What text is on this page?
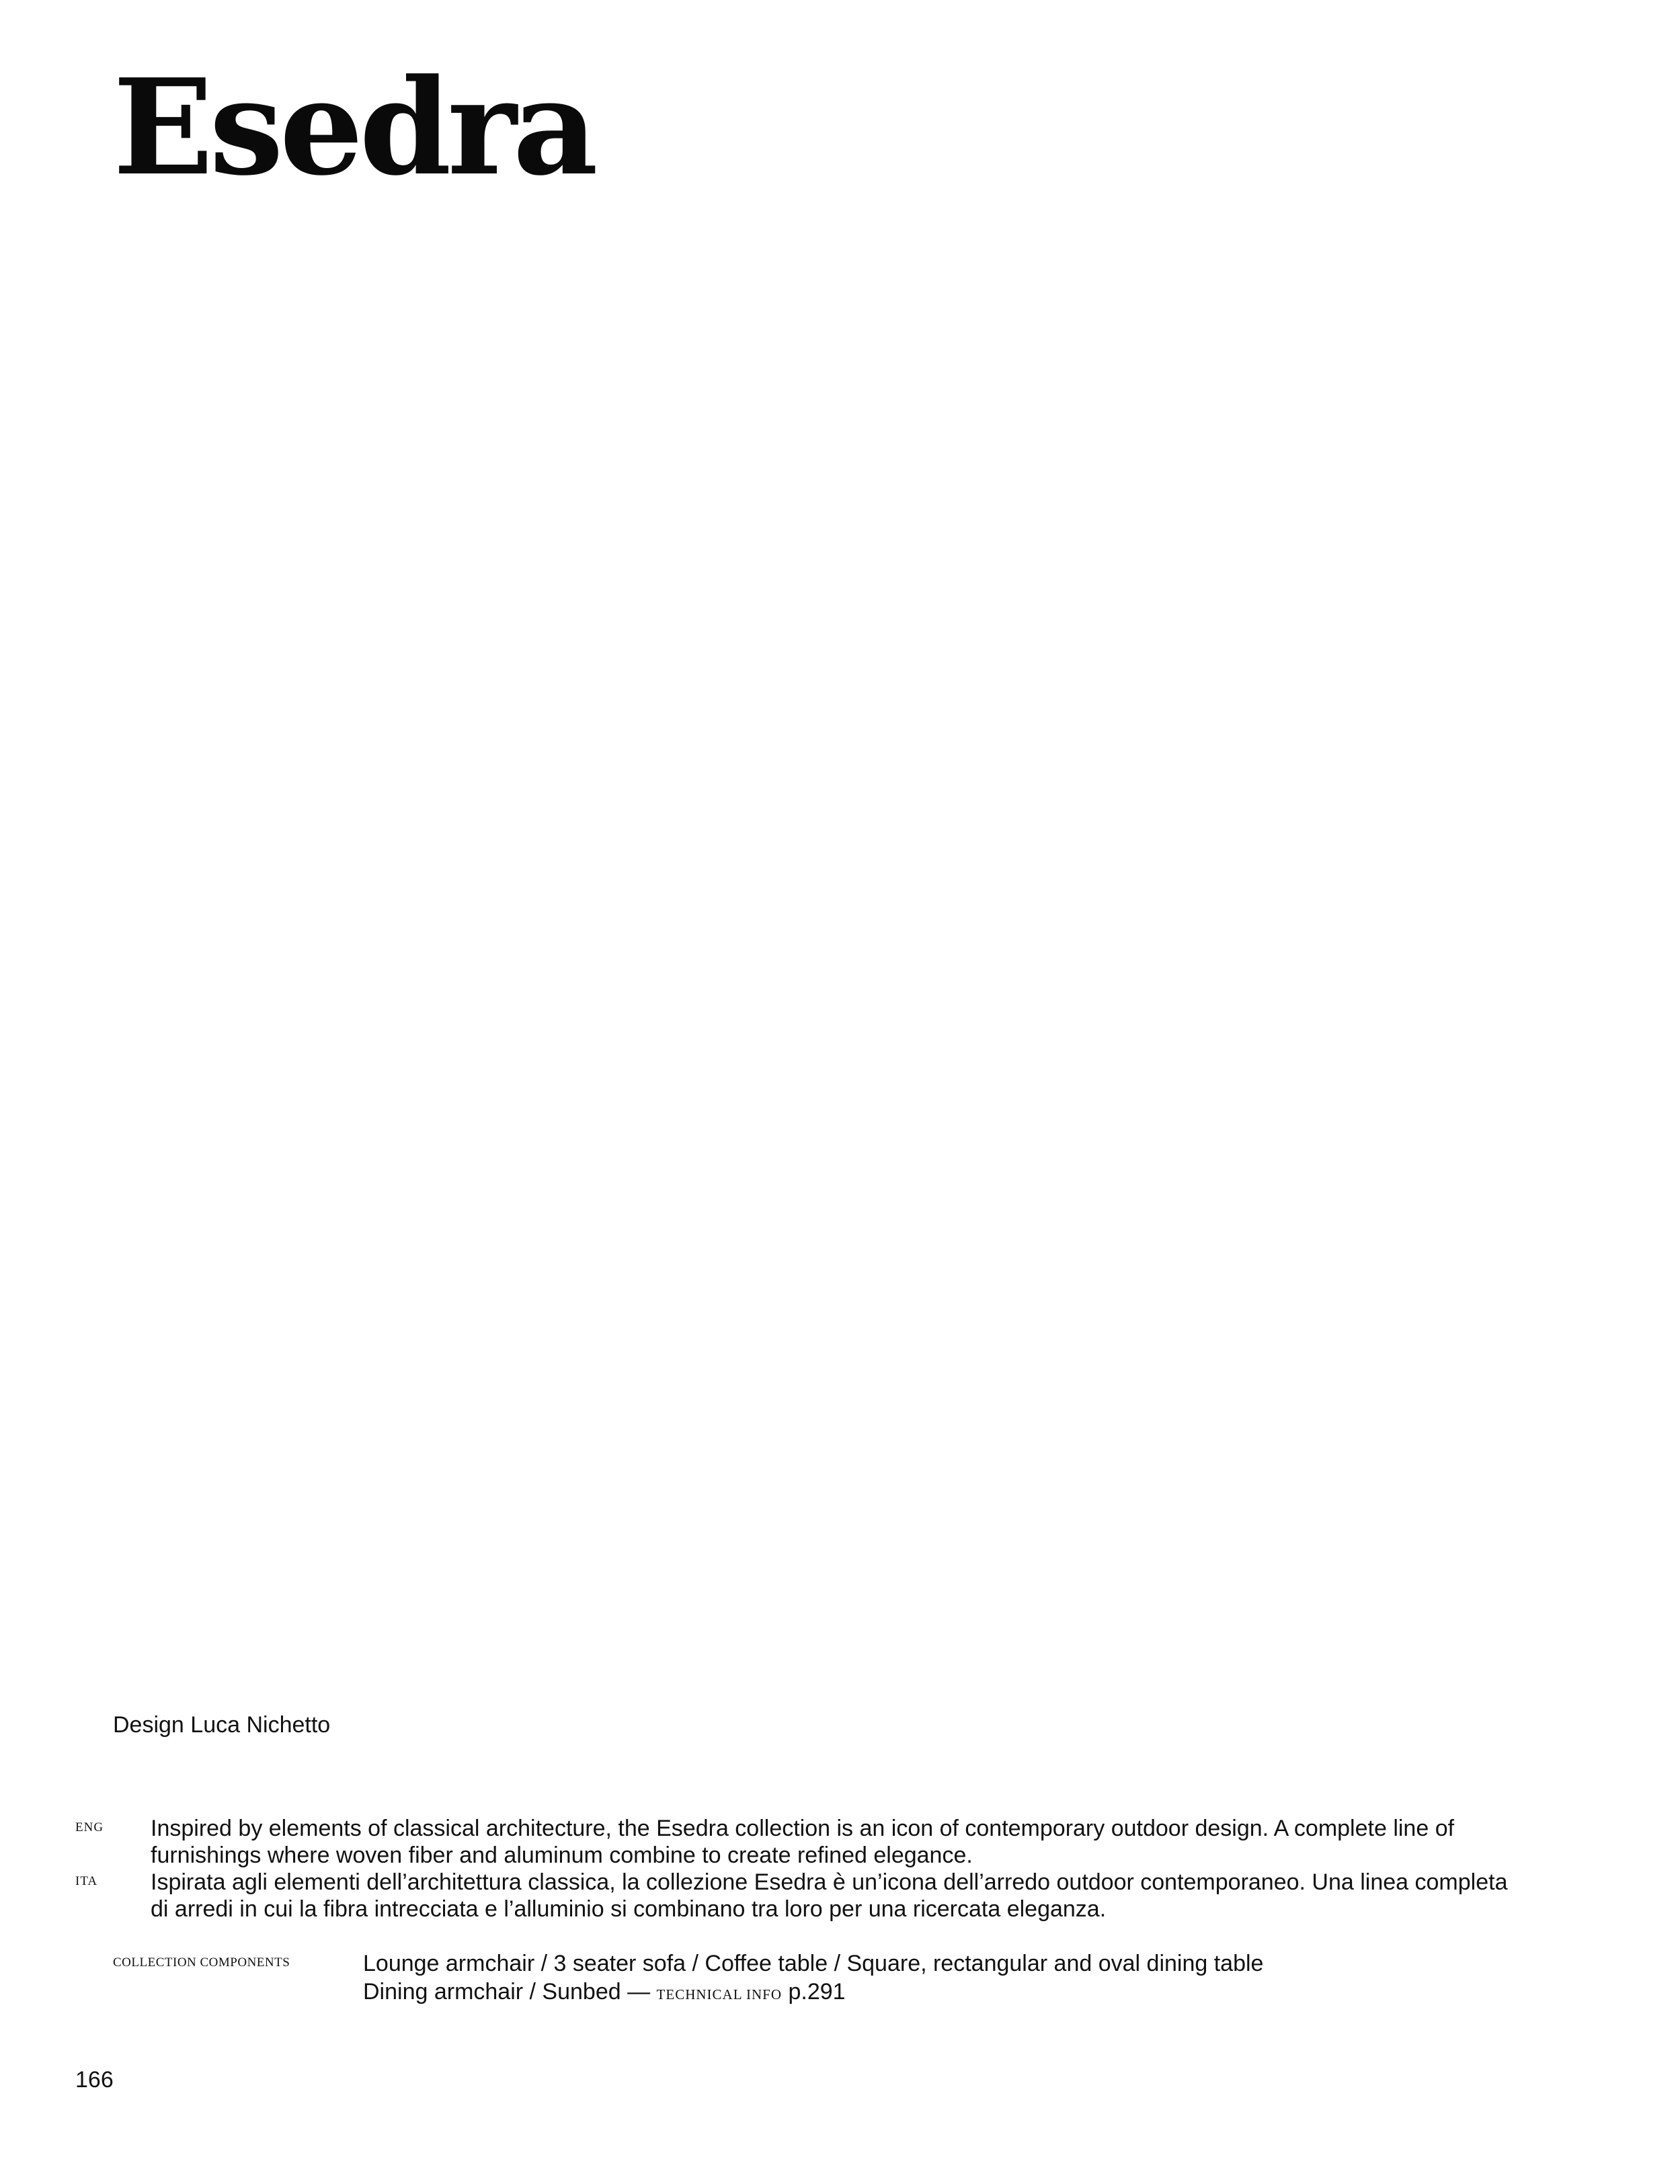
Esedra
Design Luca Nichetto
ENG	Inspired by elements of classical architecture, the Esedra collection is an icon of contemporary outdoor design. A complete line of
furnishings where woven fiber and aluminum combine to create refined elegance.
ITA	Ispirata agli elementi dell’architettura classica, la collezione Esedra è un’icona dell’arredo outdoor contemporaneo. Una linea completa
di arredi in cui la fibra intrecciata e l’alluminio si combinano tra loro per una ricercata eleganza.
COLLECTION COMPONENTS	Lounge armchair / 3 seater sofa / Coffee table / Square, rectangular and oval dining table
Dining armchair / Sunbed — TECHNICAL INFO p.291
166
